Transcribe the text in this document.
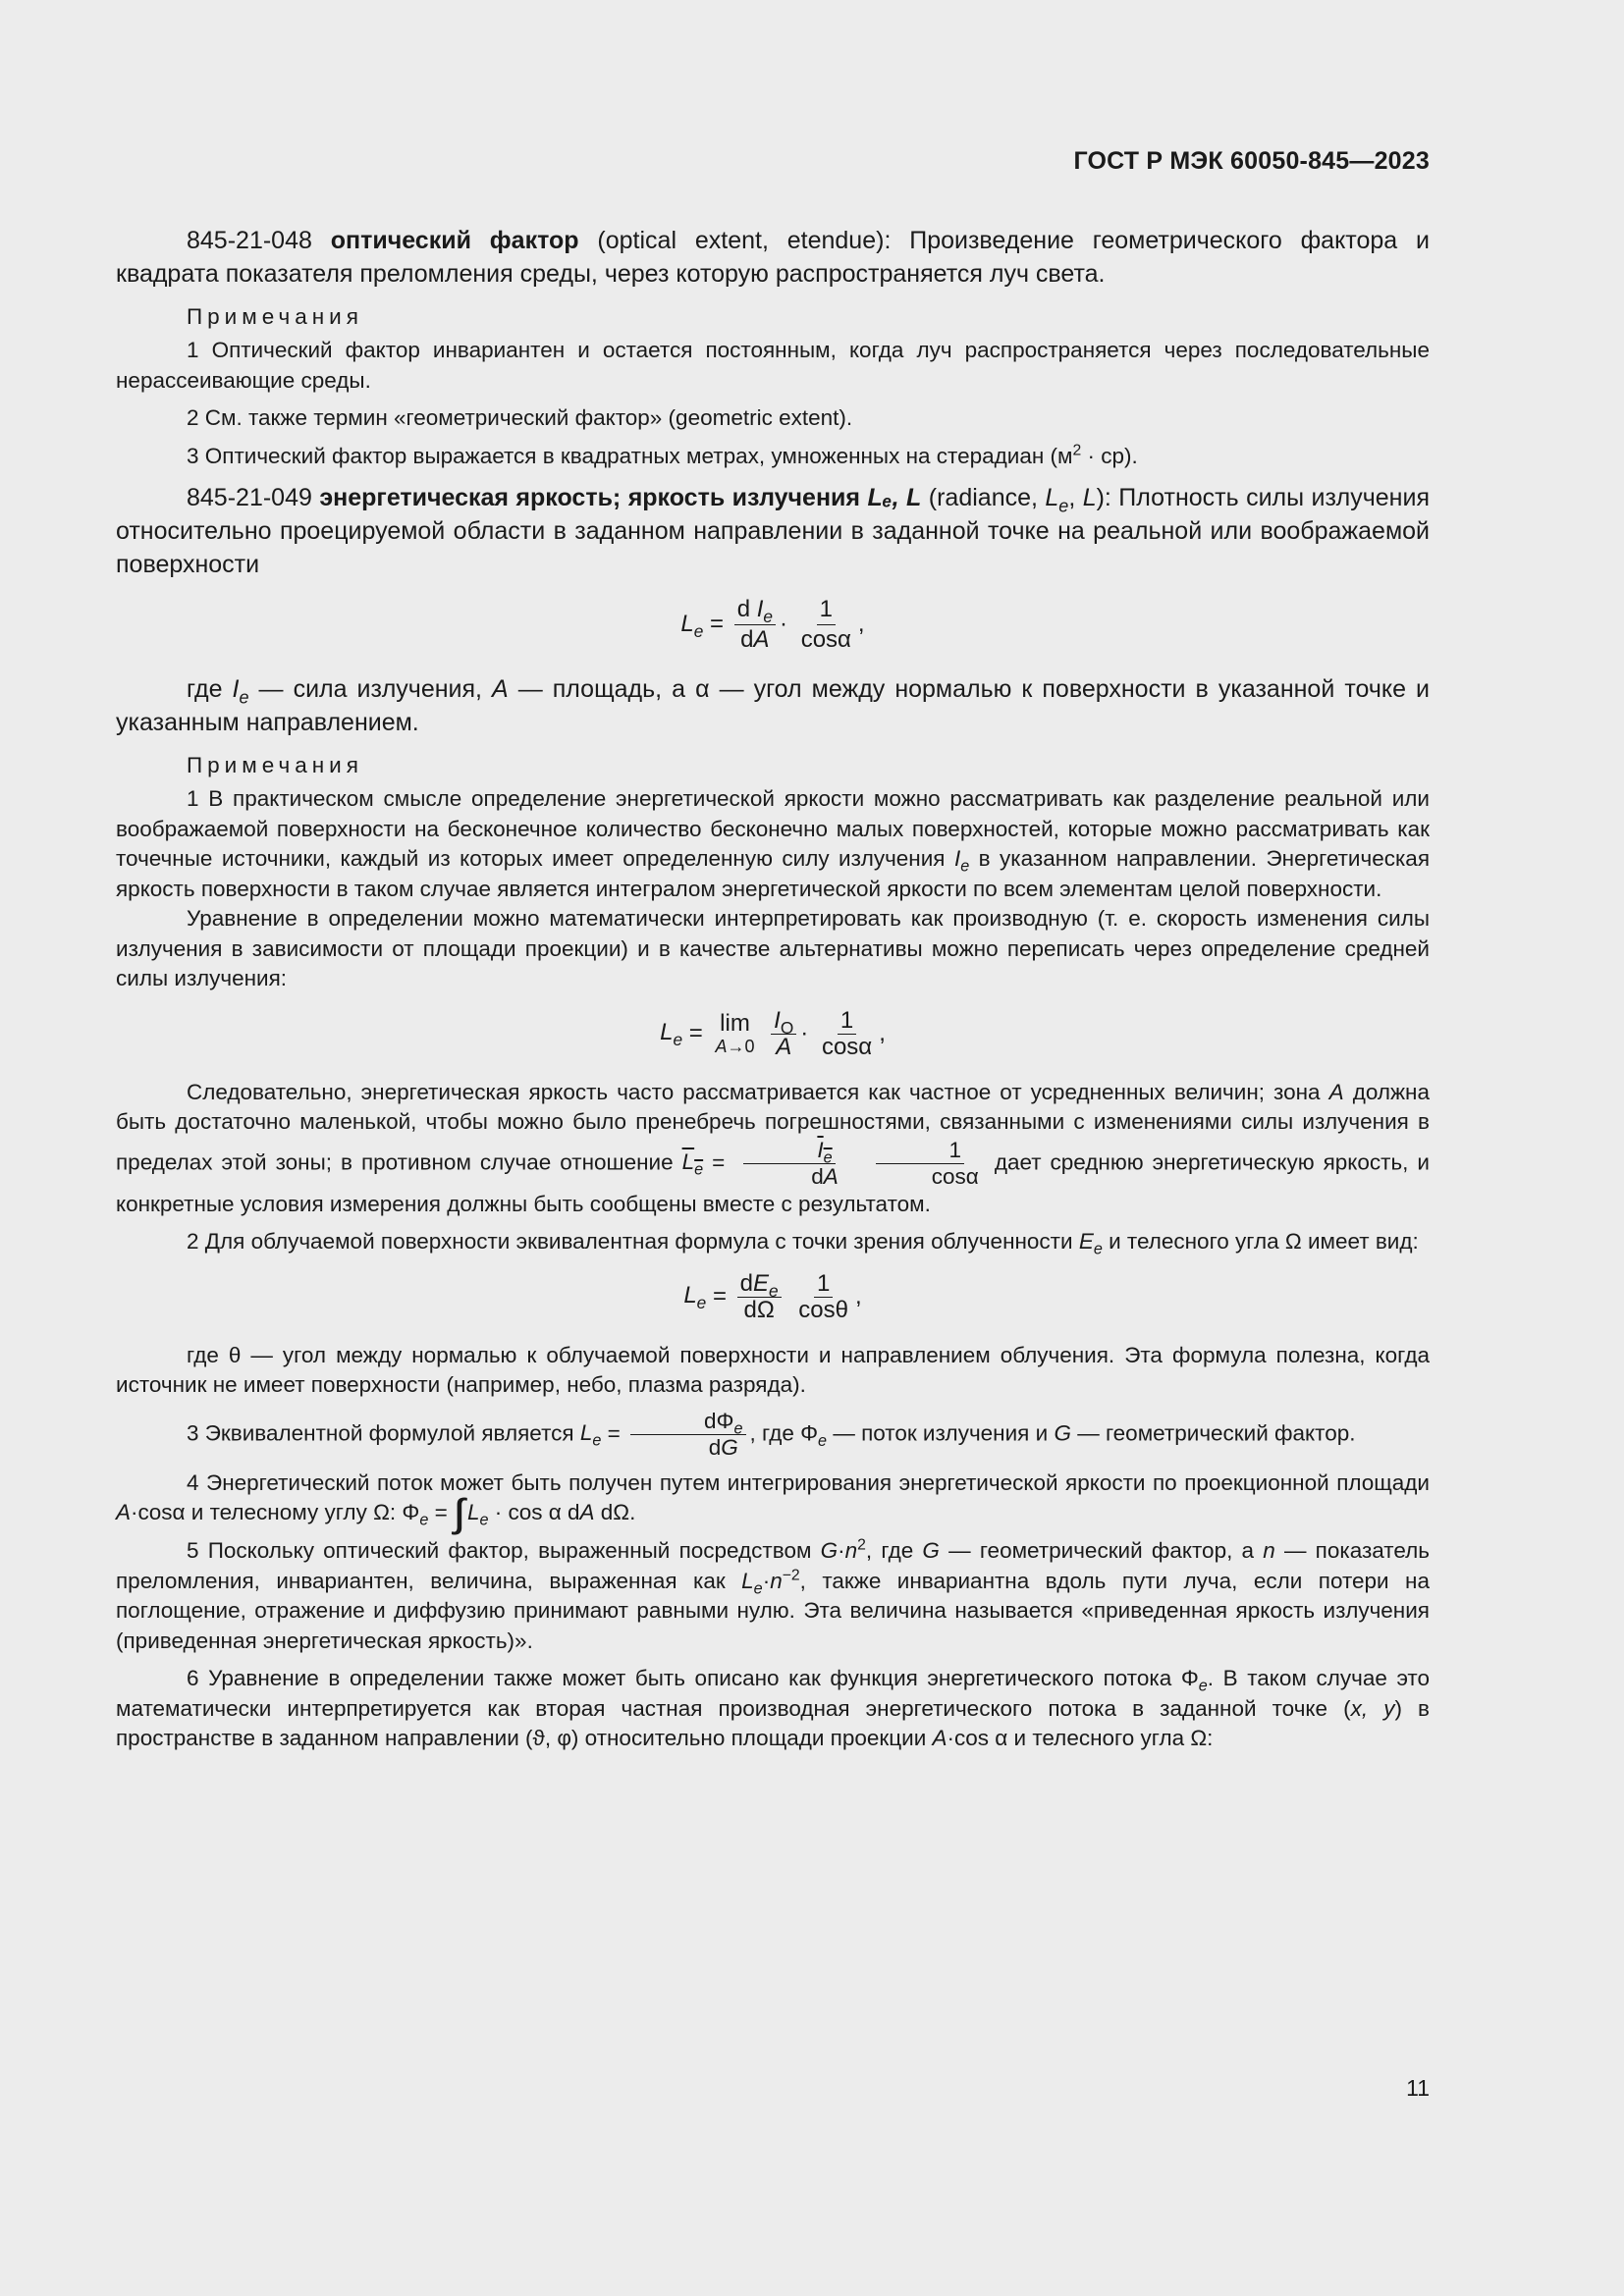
ГОСТ Р МЭК 60050-845—2023

845-21-048 оптический фактор (optical extent, etendue): Произведение геометрического фактора и квадрата показателя преломления среды, через которую распространяется луч света.

Примечания

1 Оптический фактор инвариантен и остается постоянным, когда луч распространяется через последовательные нерассеивающие среды.

2 См. также термин «геометрический фактор» (geometric extent).

3 Оптический фактор выражается в квадратных метрах, умноженных на стерадиан $(м^2 \cdot ср)$.

845-21-049 энергетическая яркость; яркость излучения Lₑ, L (radiance, $L_e$, L): Плотность силы излучения относительно проецируемой области в заданном направлении в заданной точке на реальной или воображаемой поверхности

$L_e = \frac{d I_e}{dA} \cdot \frac{1}{\cos\alpha}$ ,

где $I_e$ — сила излучения, A — площадь, а α — угол между нормалью к поверхности в указанной точке и указанным направлением.

Примечания

1 В практическом смысле определение энергетической яркости можно рассматривать как разделение реальной или воображаемой поверхности на бесконечное количество бесконечно малых поверхностей, которые можно рассматривать как точечные источники, каждый из которых имеет определенную силу излучения $I_e$ в указанном направлении. Энергетическая яркость поверхности в таком случае является интегралом энергетической яркости по всем элементам целой поверхности.

Уравнение в определении можно математически интерпретировать как производную (т. е. скорость изменения силы излучения в зависимости от площади проекции) и в качестве альтернативы можно переписать через определение средней силы излучения:

$L_e = \lim$
A→0
$\frac{I_O}{A} \cdot \frac{1}{\cos\alpha}$ ,

Следовательно, энергетическая яркость часто рассматривается как частное от усредненных величин; зона A должна быть достаточно маленькой, чтобы можно было пренебречь погрешностями, связанными с изменениями силы излучения в пределах этой зоны; в противном случае отношение $L_e = \frac{I_e}{dA}$
$\frac{1}{\cos\alpha}$ дает среднюю энергетическую яркость, и конкретные условия измерения должны быть сообщены вместе с результатом.

2 Для облучаемой поверхности эквивалентная формула с точки зрения облученности $E_e$ и телесного угла Ω имеет вид:

$L_e = \frac{dE_e}{d\Omega}$
$\frac{1}{\cos\theta}$ ,

где θ — угол между нормалью к облучаемой поверхности и направлением облучения. Эта формула полезна, когда источник не имеет поверхности (например, небо, плазма разряда).

3 Эквивалентной формулой является $L_e = \frac{d\Phi_e}{dG}$ , где $\Phi_e$ — поток излучения и G — геометрический фактор.

4 Энергетический поток может быть получен путем интегрирования энергетической яркости по проекционной площади A·cosα и телесному углу Ω: $\Phi_e$ = ∫∫ $L_e \cdot \cos \alpha$ dA dΩ.

5 Поскольку оптический фактор, выраженный посредством $G\cdot n^2$, где G — геометрический фактор, а n — показатель преломления, инвариантен, величина, выраженная как $L_e\cdot n^{-2}$, также инвариантна вдоль пути луча, если потери на поглощение, отражение и диффузию принимают равными нулю. Эта величина называется «приведенная яркость излучения (приведенная энергетическая яркость)».

6 Уравнение в определении также может быть описано как функция энергетического потока $\Phi_e$. В таком случае это математически интерпретируется как вторая частная производная энергетического потока в заданной точке (x, y) в пространстве в заданном направлении (ϑ, φ) относительно площади проекции A·cos α и телесного угла Ω:

11
